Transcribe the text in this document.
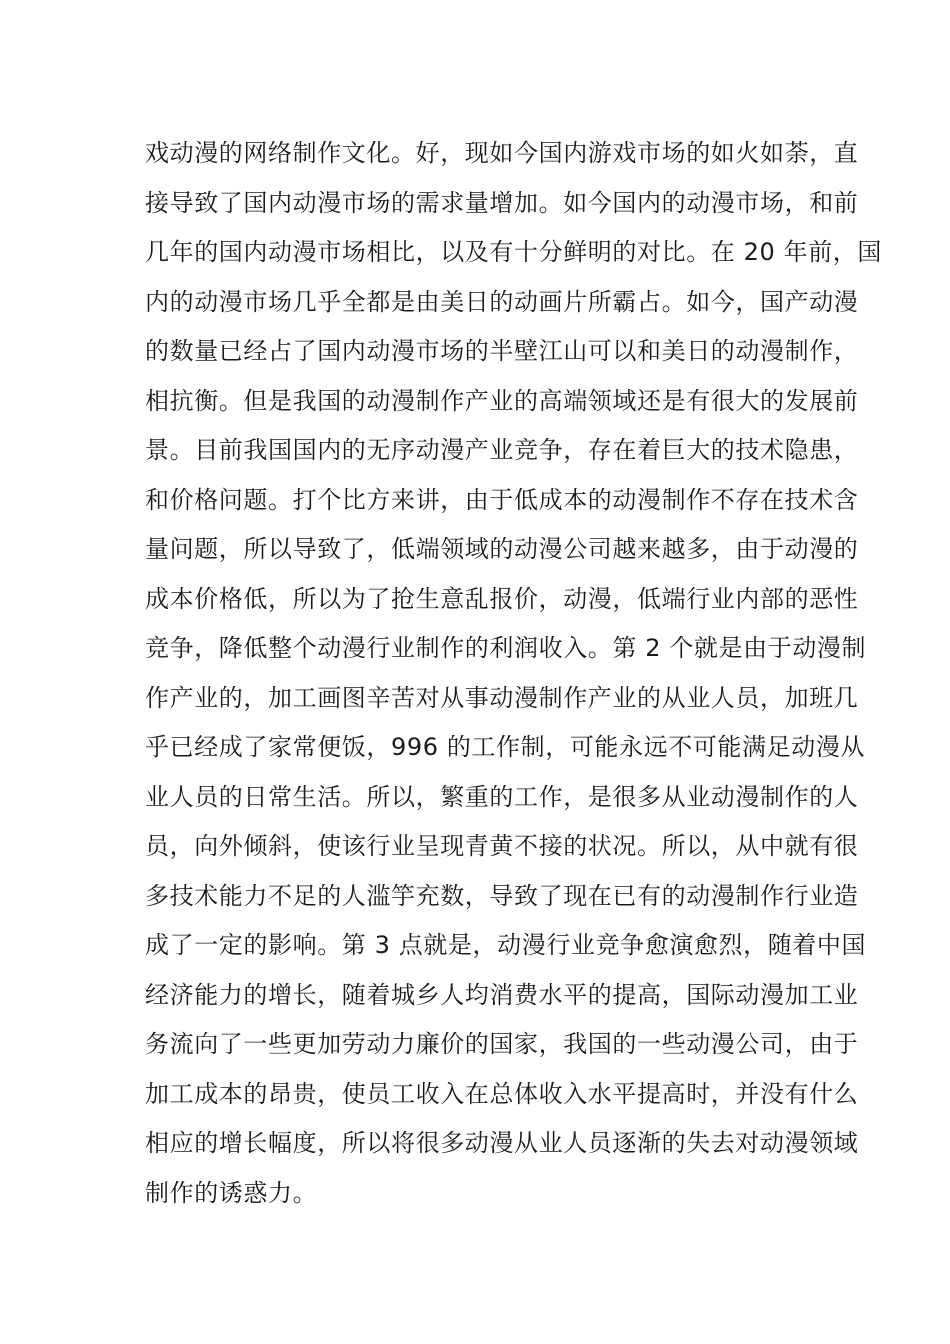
戏动漫的网络制作文化。好，现如今国内游戏市场的如火如荼，直
接导致了国内动漫市场的需求量增加。如今国内的动漫市场，和前
几年的国内动漫市场相比，以及有十分鲜明的对比。在 20 年前，国
内的动漫市场几乎全都是由美日的动画片所霸占。如今，国产动漫
的数量已经占了国内动漫市场的半壁江山可以和美日的动漫制作，
相抗衡。但是我国的动漫制作产业的高端领域还是有很大的发展前
景。目前我国国内的无序动漫产业竞争，存在着巨大的技术隐患，
和价格问题。打个比方来讲，由于低成本的动漫制作不存在技术含
量问题，所以导致了，低端领域的动漫公司越来越多，由于动漫的
成本价格低，所以为了抢生意乱报价，动漫，低端行业内部的恶性
竞争，降低整个动漫行业制作的利润收入。第 2 个就是由于动漫制
作产业的，加工画图辛苦对从事动漫制作产业的从业人员，加班几
乎已经成了家常便饭，996 的工作制，可能永远不可能满足动漫从
业人员的日常生活。所以，繁重的工作，是很多从业动漫制作的人
员，向外倾斜，使该行业呈现青黄不接的状况。所以，从中就有很
多技术能力不足的人滥竽充数，导致了现在已有的动漫制作行业造
成了一定的影响。第 3 点就是，动漫行业竞争愈演愈烈，随着中国
经济能力的增长，随着城乡人均消费水平的提高，国际动漫加工业
务流向了一些更加劳动力廉价的国家，我国的一些动漫公司，由于
加工成本的昂贵，使员工收入在总体收入水平提高时，并没有什么
相应的增长幅度，所以将很多动漫从业人员逐渐的失去对动漫领域
制作的诱惑力。
